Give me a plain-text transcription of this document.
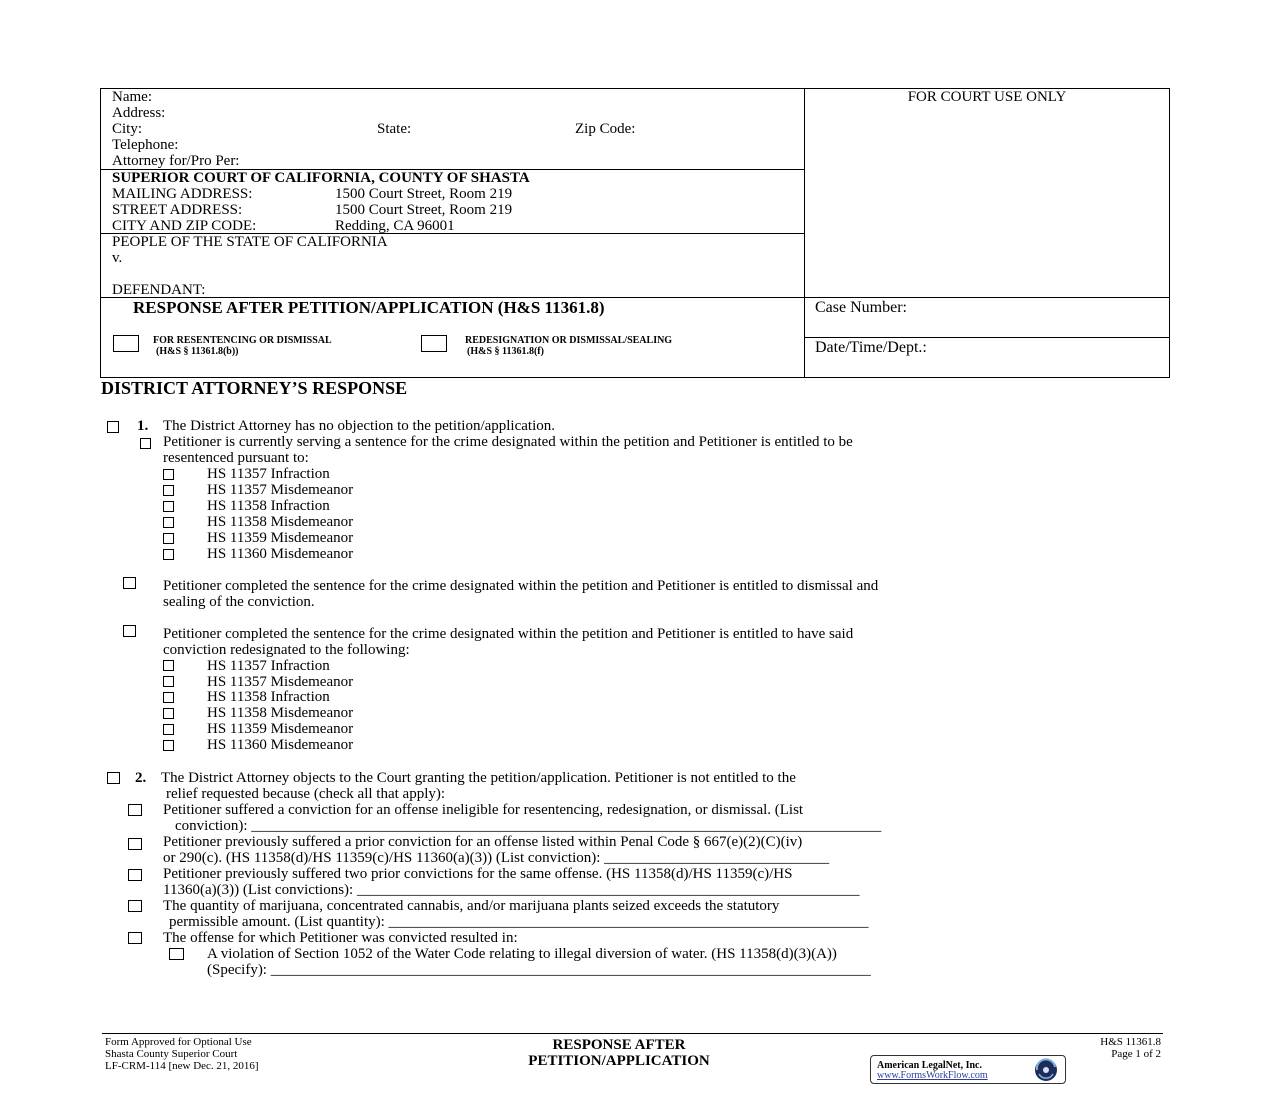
Name:
Address:
City:	State:	Zip Code:
Telephone:
Attorney for/Pro Per:
SUPERIOR COURT OF CALIFORNIA, COUNTY OF SHASTA
MAILING ADDRESS:	1500 Court Street, Room 219
STREET ADDRESS:	1500 Court Street, Room 219
CITY AND ZIP CODE:	Redding, CA 96001
PEOPLE OF THE STATE OF CALIFORNIA
v.
DEFENDANT:
FOR COURT USE ONLY
RESPONSE AFTER PETITION/APPLICATION (H&S 11361.8)
FOR RESENTENCING OR DISMISSAL
(H&S § 11361.8(b))
REDESIGNATION OR DISMISSAL/SEALING
(H&S § 11361.8(f)
Case Number:
Date/Time/Dept.:
DISTRICT ATTORNEY’S RESPONSE
1. The District Attorney has no objection to the petition/application.
Petitioner is currently serving a sentence for the crime designated within the petition and Petitioner is entitled to be
resentenced pursuant to:
HS 11357 Infraction
HS 11357 Misdemeanor
HS 11358 Infraction
HS 11358 Misdemeanor
HS 11359 Misdemeanor
HS 11360 Misdemeanor
Petitioner completed the sentence for the crime designated within the petition and Petitioner is entitled to dismissal and
sealing of the conviction.
Petitioner completed the sentence for the crime designated within the petition and Petitioner is entitled to have said
conviction redesignated to the following:
HS 11357 Infraction
HS 11357 Misdemeanor
HS 11358 Infraction
HS 11358 Misdemeanor
HS 11359 Misdemeanor
HS 11360 Misdemeanor
2. The District Attorney objects to the Court granting the petition/application. Petitioner is not entitled to the
relief requested because (check all that apply):
Petitioner suffered a conviction for an offense ineligible for resentencing, redesignation, or dismissal. (List
conviction): ____________________________________________________________________________________
Petitioner previously suffered a prior conviction for an offense listed within Penal Code § 667(e)(2)(C)(iv)
or 290(c). (HS 11358(d)/HS 11359(c)/HS 11360(a)(3)) (List conviction): ______________________________
Petitioner previously suffered two prior convictions for the same offense. (HS 11358(d)/HS 11359(c)/HS
11360(a)(3)) (List convictions): ___________________________________________________________________
The quantity of marijuana, concentrated cannabis, and/or marijuana plants seized exceeds the statutory
permissible amount. (List quantity): ________________________________________________________________
The offense for which Petitioner was convicted resulted in:
A violation of Section 1052 of the Water Code relating to illegal diversion of water. (HS 11358(d)(3)(A))
(Specify): ________________________________________________________________________________
Form Approved for Optional Use
Shasta County Superior Court
LF-CRM-114 [new Dec. 21, 2016]
RESPONSE AFTER
PETITION/APPLICATION	American LegalNet, Inc.
www.FormsWorkFlow.com
H&S 11361.8
Page 1 of 2
